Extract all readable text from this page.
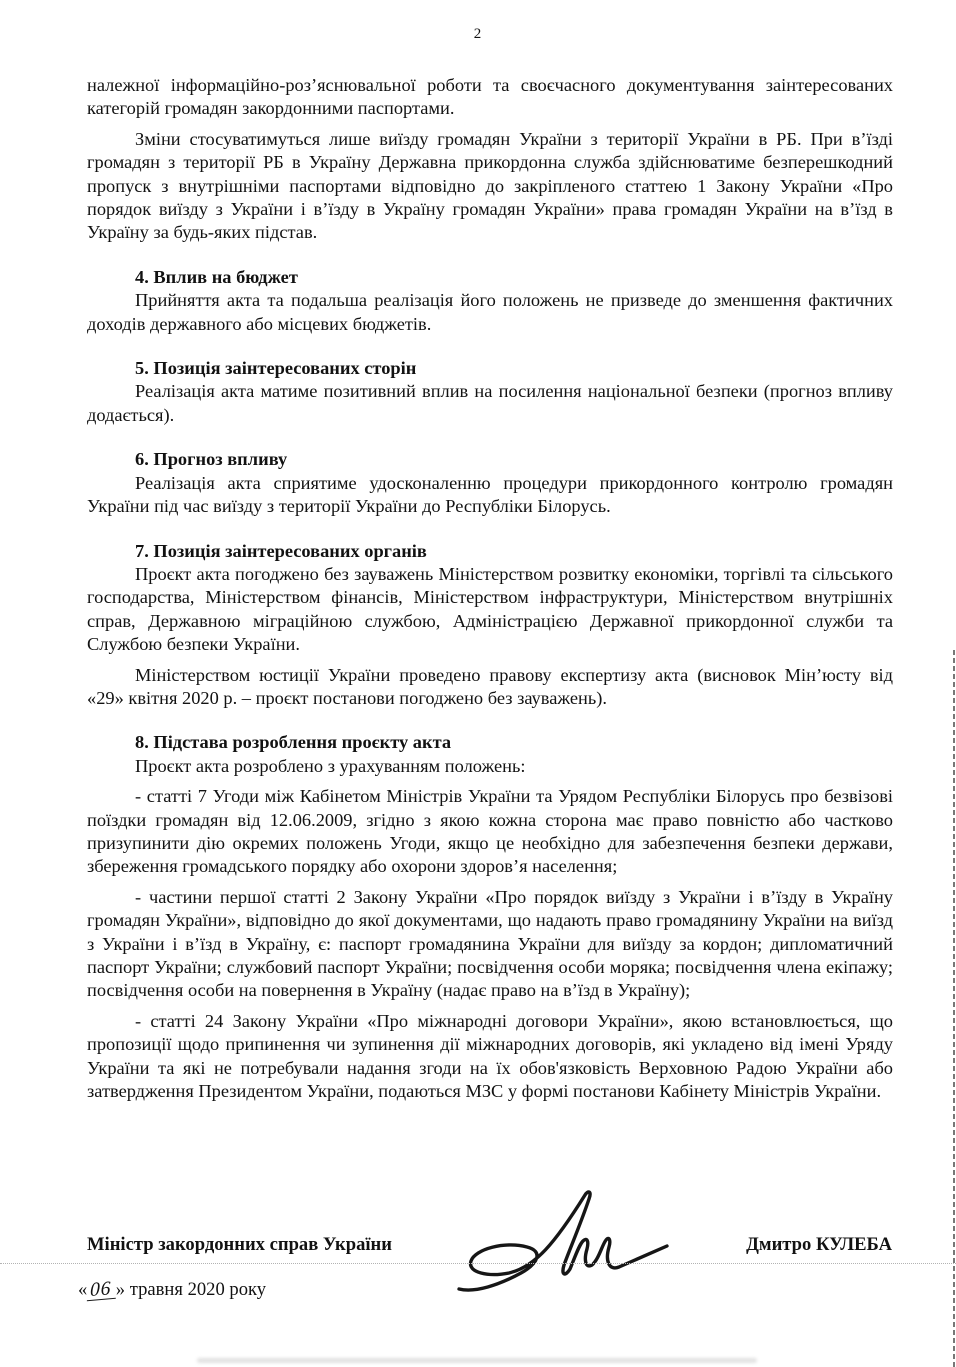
2

належної інформаційно-роз’яснювальної роботи та своєчасного документування заінтересованих категорій громадян закордонними паспортами.

Зміни стосуватимуться лише виїзду громадян України з території України в РБ. При в’їзді громадян з території РБ в Україну Державна прикордонна служба здійснюватиме безперешкодний пропуск з внутрішніми паспортами відповідно до закріпленого статтею 1 Закону України «Про порядок виїзду з України і в’їзду в Україну громадян України» права громадян України на в’їзд в Україну за будь-яких підстав.

4. Вплив на бюджет

Прийняття акта та подальша реалізація його положень не призведе до зменшення фактичних доходів державного або місцевих бюджетів.

5. Позиція заінтересованих сторін

Реалізація акта матиме позитивний вплив на посилення національної безпеки (прогноз впливу додається).

6. Прогноз впливу

Реалізація акта сприятиме удосконаленню процедури прикордонного контролю громадян України під час виїзду з території України до Республіки Білорусь.

7. Позиція заінтересованих органів

Проєкт акта погоджено без зауважень Міністерством розвитку економіки, торгівлі та сільського господарства, Міністерством фінансів, Міністерством інфраструктури, Міністерством внутрішніх справ, Державною міграційною службою, Адміністрацією Державної прикордонної служби та Службою безпеки України.

Міністерством юстиції України проведено правову експертизу акта (висновок Мін’юсту від «29» квітня 2020 р. – проєкт постанови погоджено без зауважень).

8. Підстава розроблення проєкту акта

Проєкт акта розроблено з урахуванням положень:

- статті 7 Угоди між Кабінетом Міністрів України та Урядом Республіки Білорусь про безвізові поїздки громадян від 12.06.2009, згідно з якою кожна сторона має право повністю або частково призупинити дію окремих положень Угоди, якщо це необхідно для забезпечення безпеки держави, збереження громадського порядку або охорони здоров’я населення;

- частини першої статті 2 Закону України «Про порядок виїзду з України і в’їзду в Україну громадян України», відповідно до якої документами, що надають право громадянину України на виїзд з України і в’їзд в Україну, є: паспорт громадянина України для виїзду за кордон; дипломатичний паспорт України; службовий паспорт України; посвідчення особи моряка; посвідчення члена екіпажу; посвідчення особи на повернення в Україну (надає право на в’їзд в Україну);

- статті 24 Закону України «Про міжнародні договори України», якою встановлюється, що пропозиції щодо припинення чи зупинення дії міжнародних договорів, які укладено від імені Уряду України та які не потребували надання згоди на їх обов'язковість Верховною Радою України або затвердження Президентом України, подаються МЗС у формі постанови Кабінету Міністрів України.

Міністр закордонних справ України	Дмитро КУЛЕБА
« 06 » травня 2020 року
